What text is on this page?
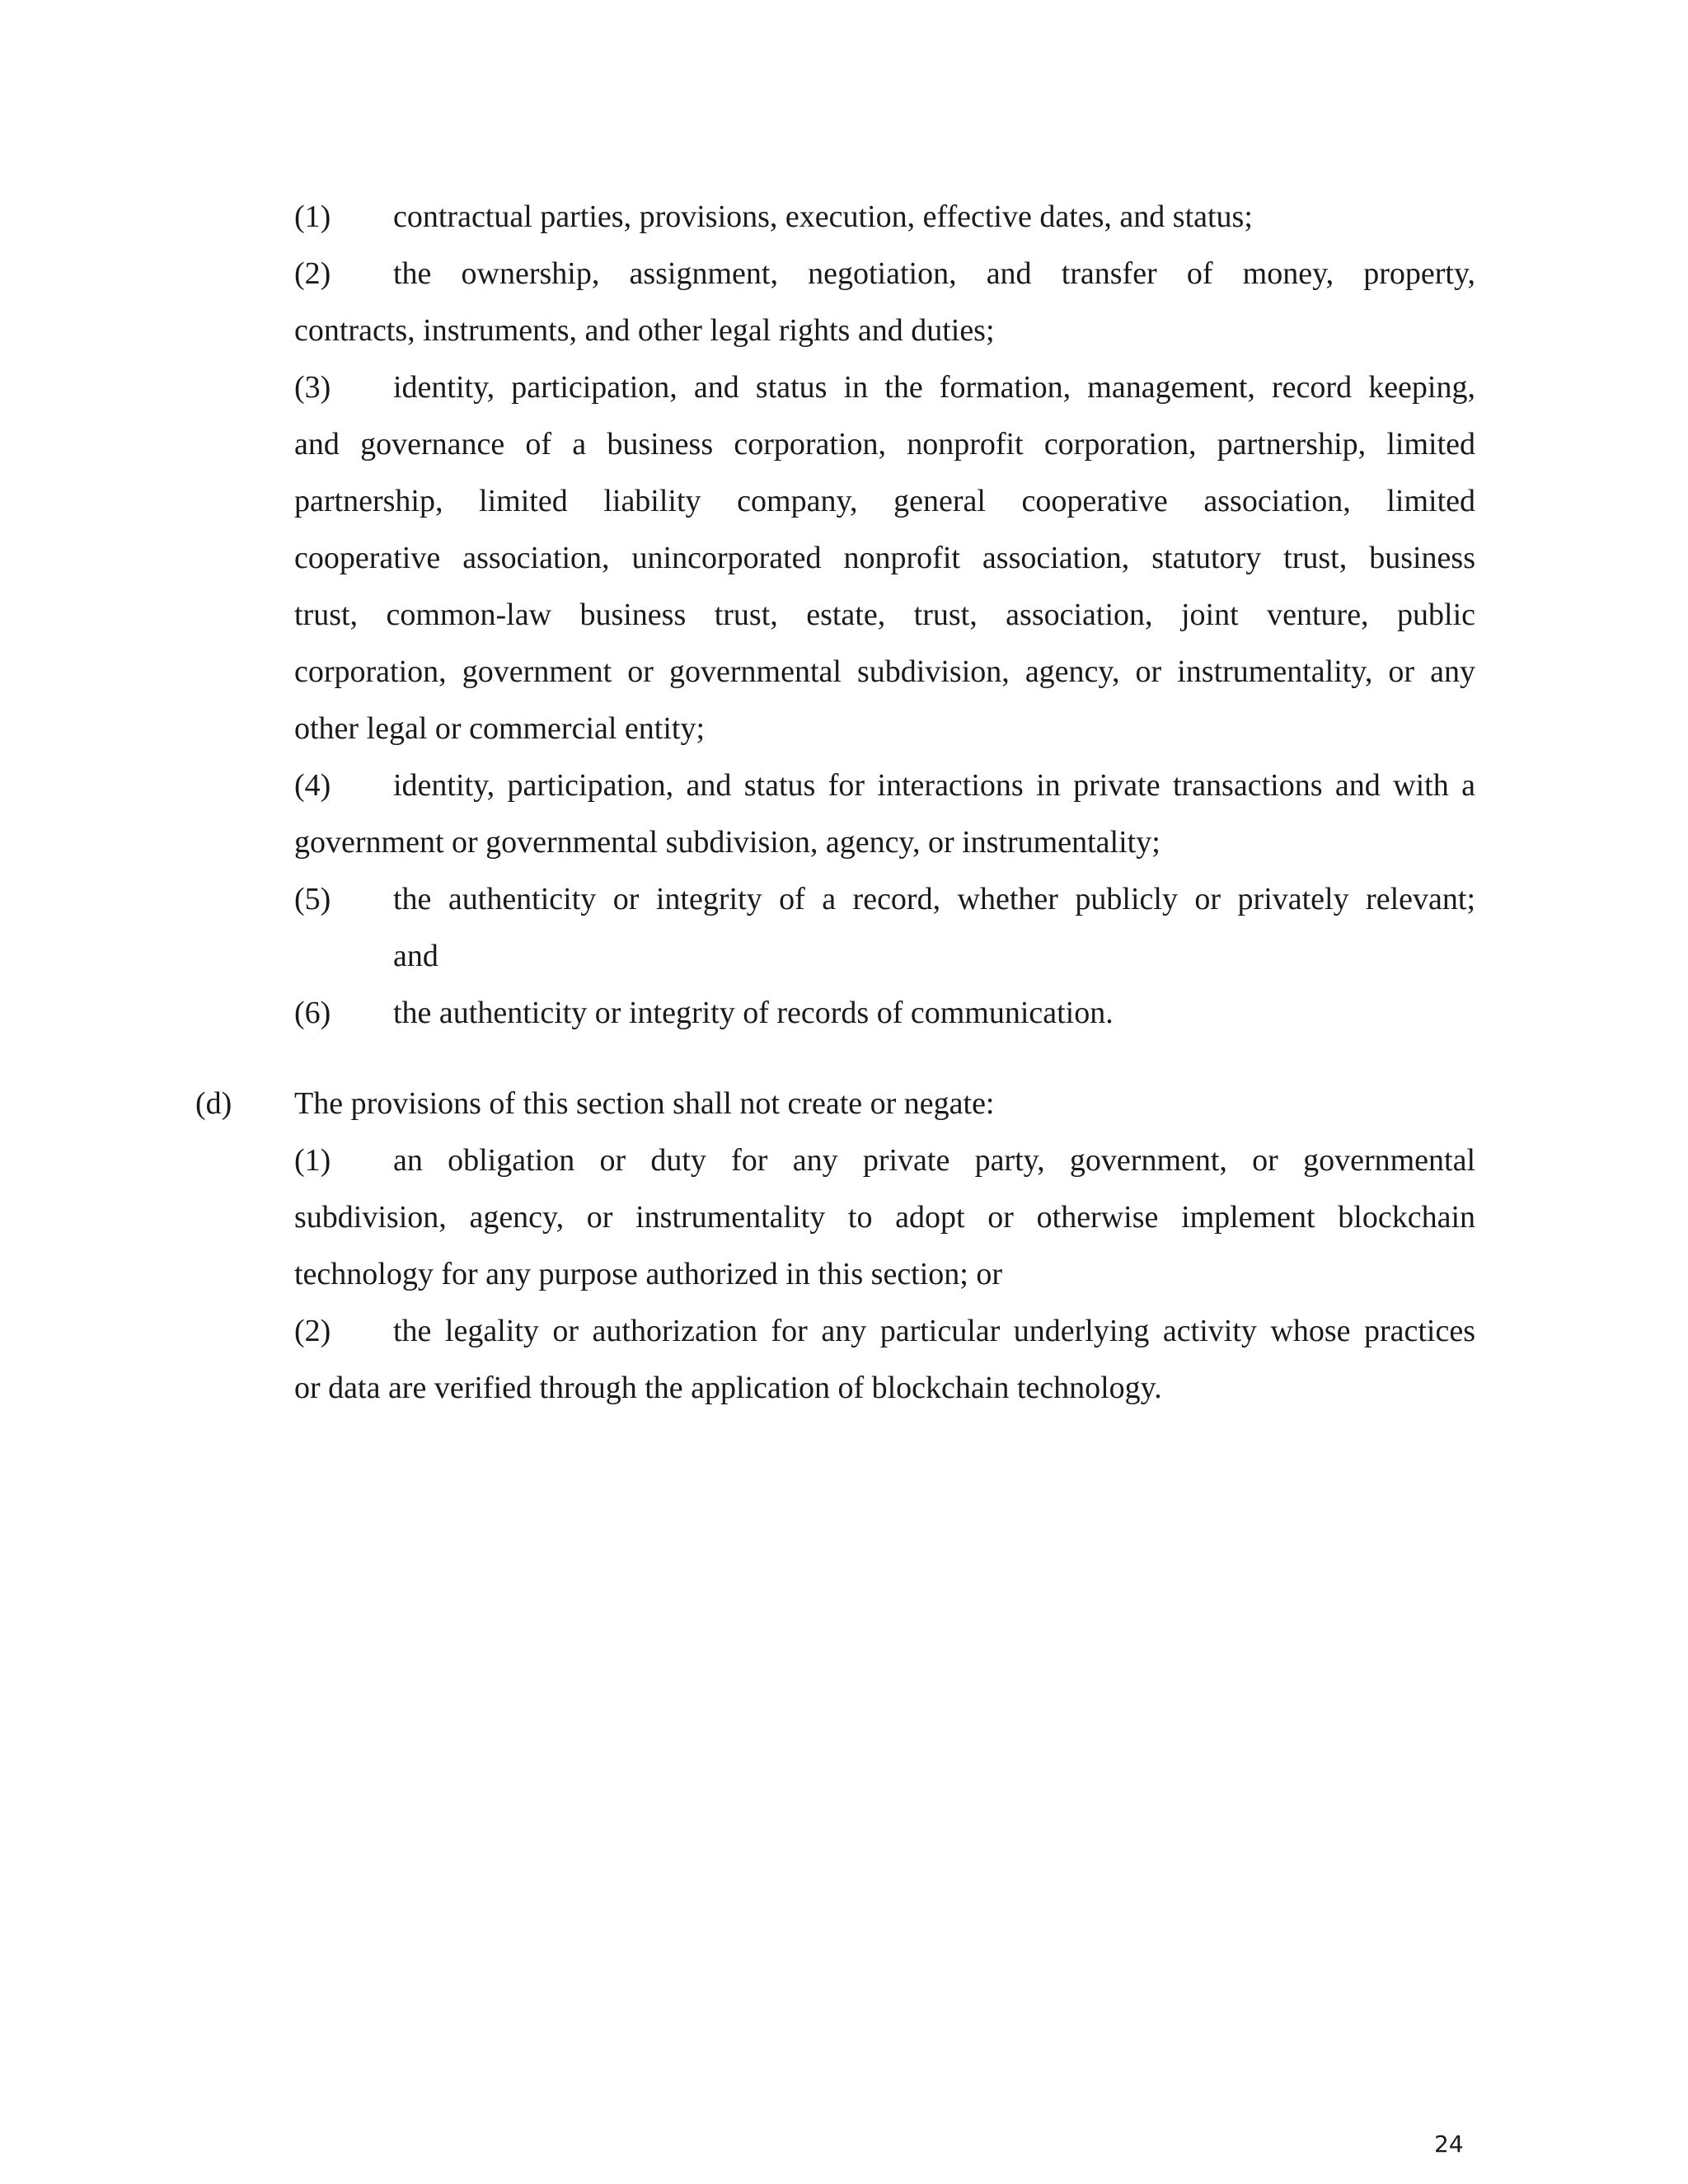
(1) contractual parties, provisions, execution, effective dates, and status;
(2) the ownership, assignment, negotiation, and transfer of money, property,
contracts, instruments, and other legal rights and duties;
(3) identity, participation, and status in the formation, management, record keeping,
and governance of a business corporation, nonprofit corporation, partnership, limited
partnership, limited liability company, general cooperative association, limited
cooperative association, unincorporated nonprofit association, statutory trust, business
trust, common-law business trust, estate, trust, association, joint venture, public
corporation, government or governmental subdivision, agency, or instrumentality, or any
other legal or commercial entity;
(4) identity, participation, and status for interactions in private transactions and with a
government or governmental subdivision, agency, or instrumentality;
(5) the authenticity or integrity of a record, whether publicly or privately relevant;
and
(6) the authenticity or integrity of records of communication.
(d) The provisions of this section shall not create or negate:
(1) an obligation or duty for any private party, government, or governmental
subdivision, agency, or instrumentality to adopt or otherwise implement blockchain
technology for any purpose authorized in this section; or
(2) the legality or authorization for any particular underlying activity whose practices
or data are verified through the application of blockchain technology.
24
